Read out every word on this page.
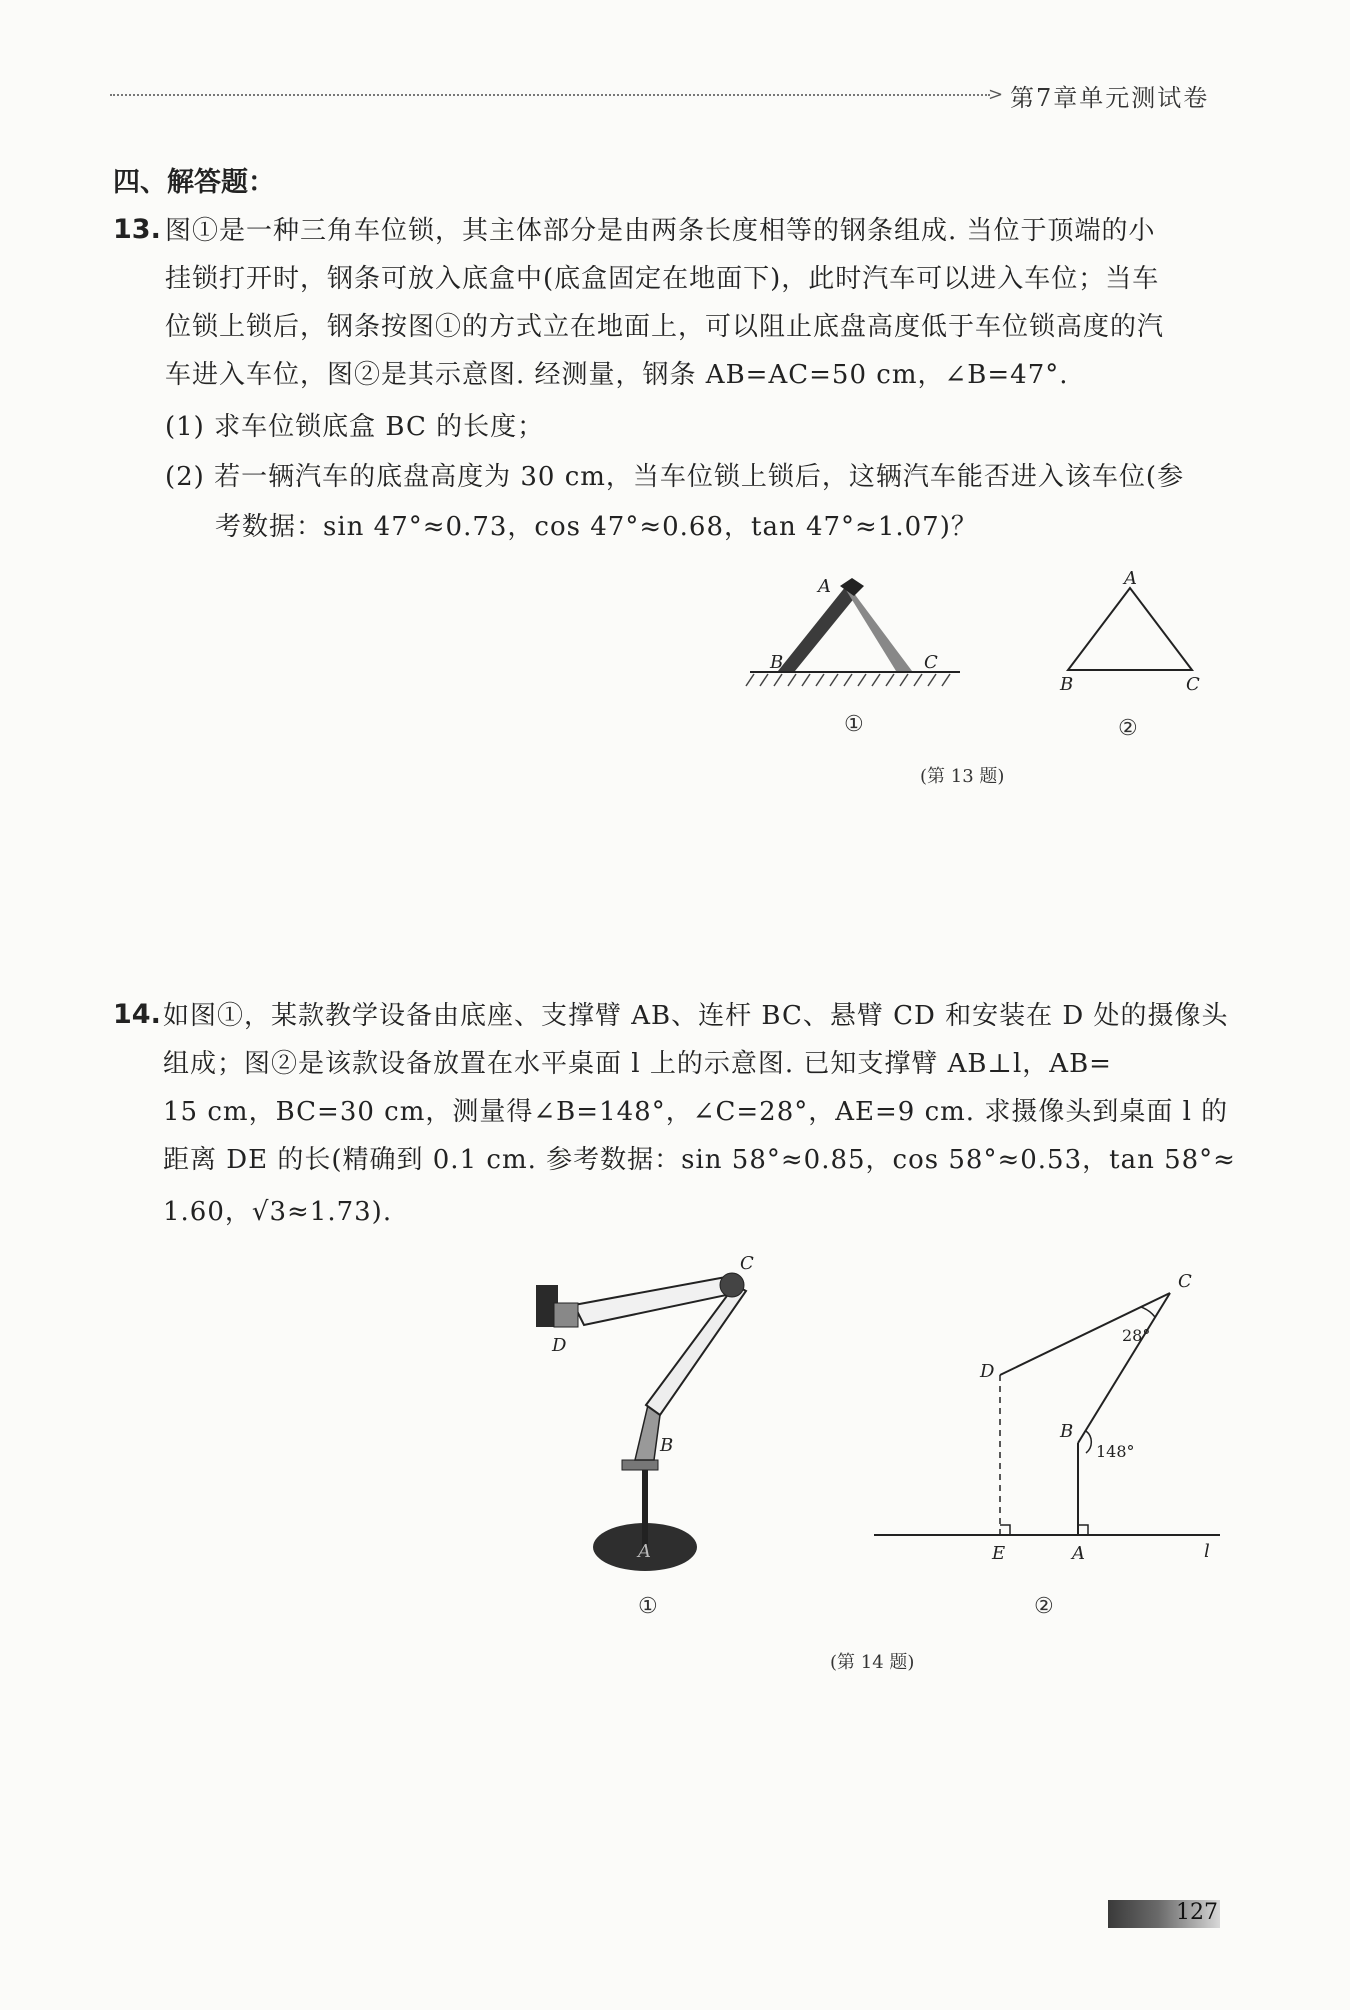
> 第7章单元测试卷
四、解答题：
13. 图①是一种三角车位锁，其主体部分是由两条长度相等的钢条组成. 当位于顶端的小
挂锁打开时，钢条可放入底盒中(底盒固定在地面下)，此时汽车可以进入车位；当车
位锁上锁后，钢条按图①的方式立在地面上，可以阻止底盘高度低于车位锁高度的汽
车进入车位，图②是其示意图. 经测量，钢条 AB=AC=50 cm，∠B=47°.
(1) 求车位锁底盒 BC 的长度；
(2) 若一辆汽车的底盘高度为 30 cm，当车位锁上锁后，这辆汽车能否进入该车位(参
考数据：sin 47°≈0.73，cos 47°≈0.68，tan 47°≈1.07)？
A
B	C
①
A
B	C
②
(第 13 题)
14. 如图①，某款教学设备由底座、支撑臂 AB、连杆 BC、悬臂 CD 和安装在 D 处的摄像头
组成；图②是该款设备放置在水平桌面 l 上的示意图. 已知支撑臂 AB⊥l，AB=
15 cm，BC=30 cm，测量得∠B=148°，∠C=28°，AE=9 cm. 求摄像头到桌面 l 的
距离 DE 的长(精确到 0.1 cm. 参考数据：sin 58°≈0.85，cos 58°≈0.53，tan 58°≈
1.60，√3≈1.73).
C
D
B
A
①
C
D
B
E	A	l
28°
148°
②
(第 14 题)
127
